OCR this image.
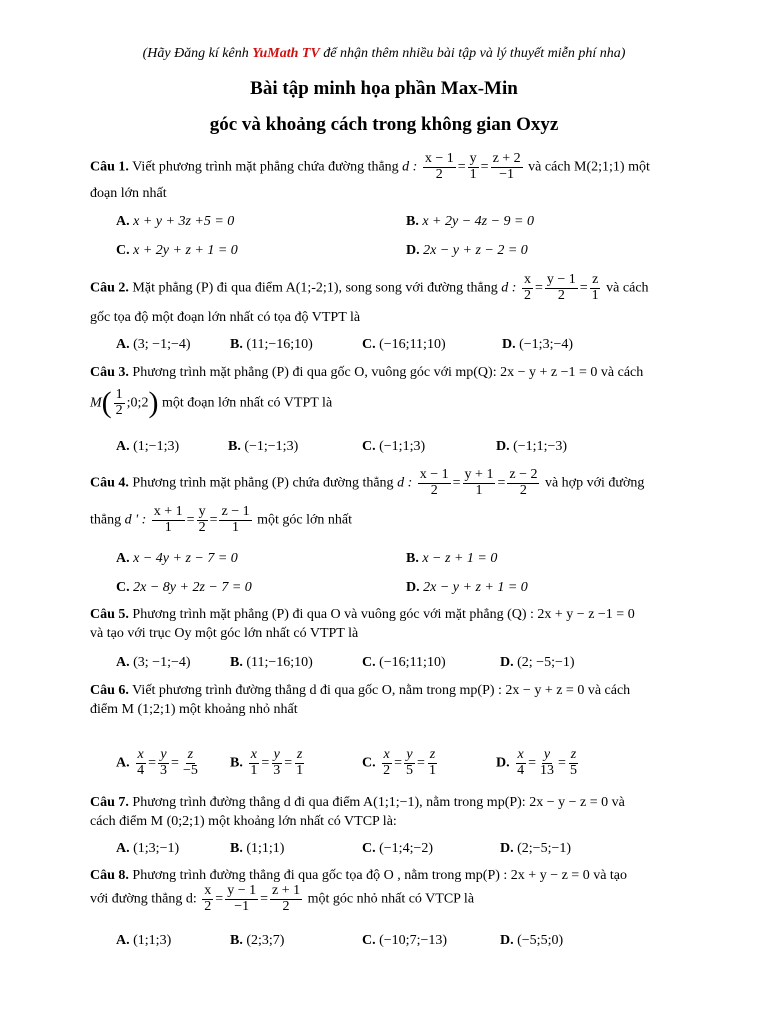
(Hãy Đăng kí kênh YuMath TV để nhận thêm nhiều bài tập và lý thuyết miễn phí nha)
Bài tập minh họa phần Max-Min
góc và khoảng cách trong không gian Oxyz
Câu 1. Viết phương trình mặt phẳng chứa đường thẳng d : $\frac{x - 1}{2} = \frac{y}{1} = \frac{z + 2}{-1}$ và cách M(2;1;1) một
đoạn lớn nhất
A. x + y + 3z +5 = 0	B. x + 2y − 4z − 9 = 0
C. x + 2y + z + 1 = 0	D. 2x − y + z − 2 = 0
Câu 2. Mặt phẳng (P) đi qua điểm A(1;-2;1), song song với đường thẳng d : $\frac{x}{2} = \frac{y - 1}{2} = \frac{z}{1}$ và cách
gốc tọa độ một đoạn lớn nhất có tọa độ VTPT là
A. (3; −1;−4)	B. (11;−16;10)	C. (−16;11;10)	D. (−1;3;−4)
Câu 3. Phương trình mặt phẳng (P) đi qua gốc O, vuông góc với mp(Q): 2x − y + z −1 = 0 và cách
$M( \frac{1}{2}$ ;0;2) một đoạn lớn nhất có VTPT là
A. (1;−1;3)	B. (−1;−1;3)	C. (−1;1;3)	D. (−1;1;−3)
Câu 4. Phương trình mặt phẳng (P) chứa đường thẳng d : $\frac{x - 1}{2} = \frac{y + 1}{1} = \frac{z - 2}{2}$ và hợp với đường
thẳng d ' : $\frac{x + 1}{1} = \frac{y}{2} = \frac{z - 1}{1}$ một góc lớn nhất
A. x − 4y + z − 7 = 0	B. x − z + 1 = 0
C. 2x − 8y + 2z − 7 = 0	D. 2x − y + z + 1 = 0
Câu 5. Phương trình mặt phẳng (P) đi qua O và vuông góc với mặt phẳng (Q) : 2x + y − z −1 = 0
và tạo với trục Oy một góc lớn nhất có VTPT là
A. (3; −1;−4)	B. (11;−16;10)	C. (−16;11;10)	D. (2; −5;−1)
Câu 6. Viết phương trình đường thẳng d đi qua gốc O, nằm trong mp(P) : 2x − y + z = 0 và cách
điểm M (1;2;1) một khoảng nhỏ nhất
A. $\frac{x}{4} = \frac{y}{3} = \frac{z}{-5} B$. $\frac{x}{1} = \frac{y}{3} = \frac{z}{1}$	C. $\frac{x}{2} = \frac{y}{5} = \frac{z}{1}$	D. $\frac{x}{4} = \frac{y}{13} = \frac{z}{5}$
Câu 7. Phương trình đường thẳng d đi qua điểm A(1;1;−1), nằm trong mp(P): 2x − y − z = 0 và
cách điểm M (0;2;1) một khoảng lớn nhất có VTCP là:
A. (1;3;−1)	B. (1;1;1)	C. (−1;4;−2)	D. (2;−5;−1)
Câu 8. Phương trình đường thẳng đi qua gốc tọa độ O , nằm trong mp(P) : 2x + y − z = 0 và tạo
với đường thẳng d: $\frac{x}{2} = \frac{y - 1}{-1} = \frac{z + 1}{2}$ một góc nhỏ nhất có VTCP là
A. (1;1;3)	B. (2;3;7)	C. (−10;7;−13)	D. (−5;5;0)
